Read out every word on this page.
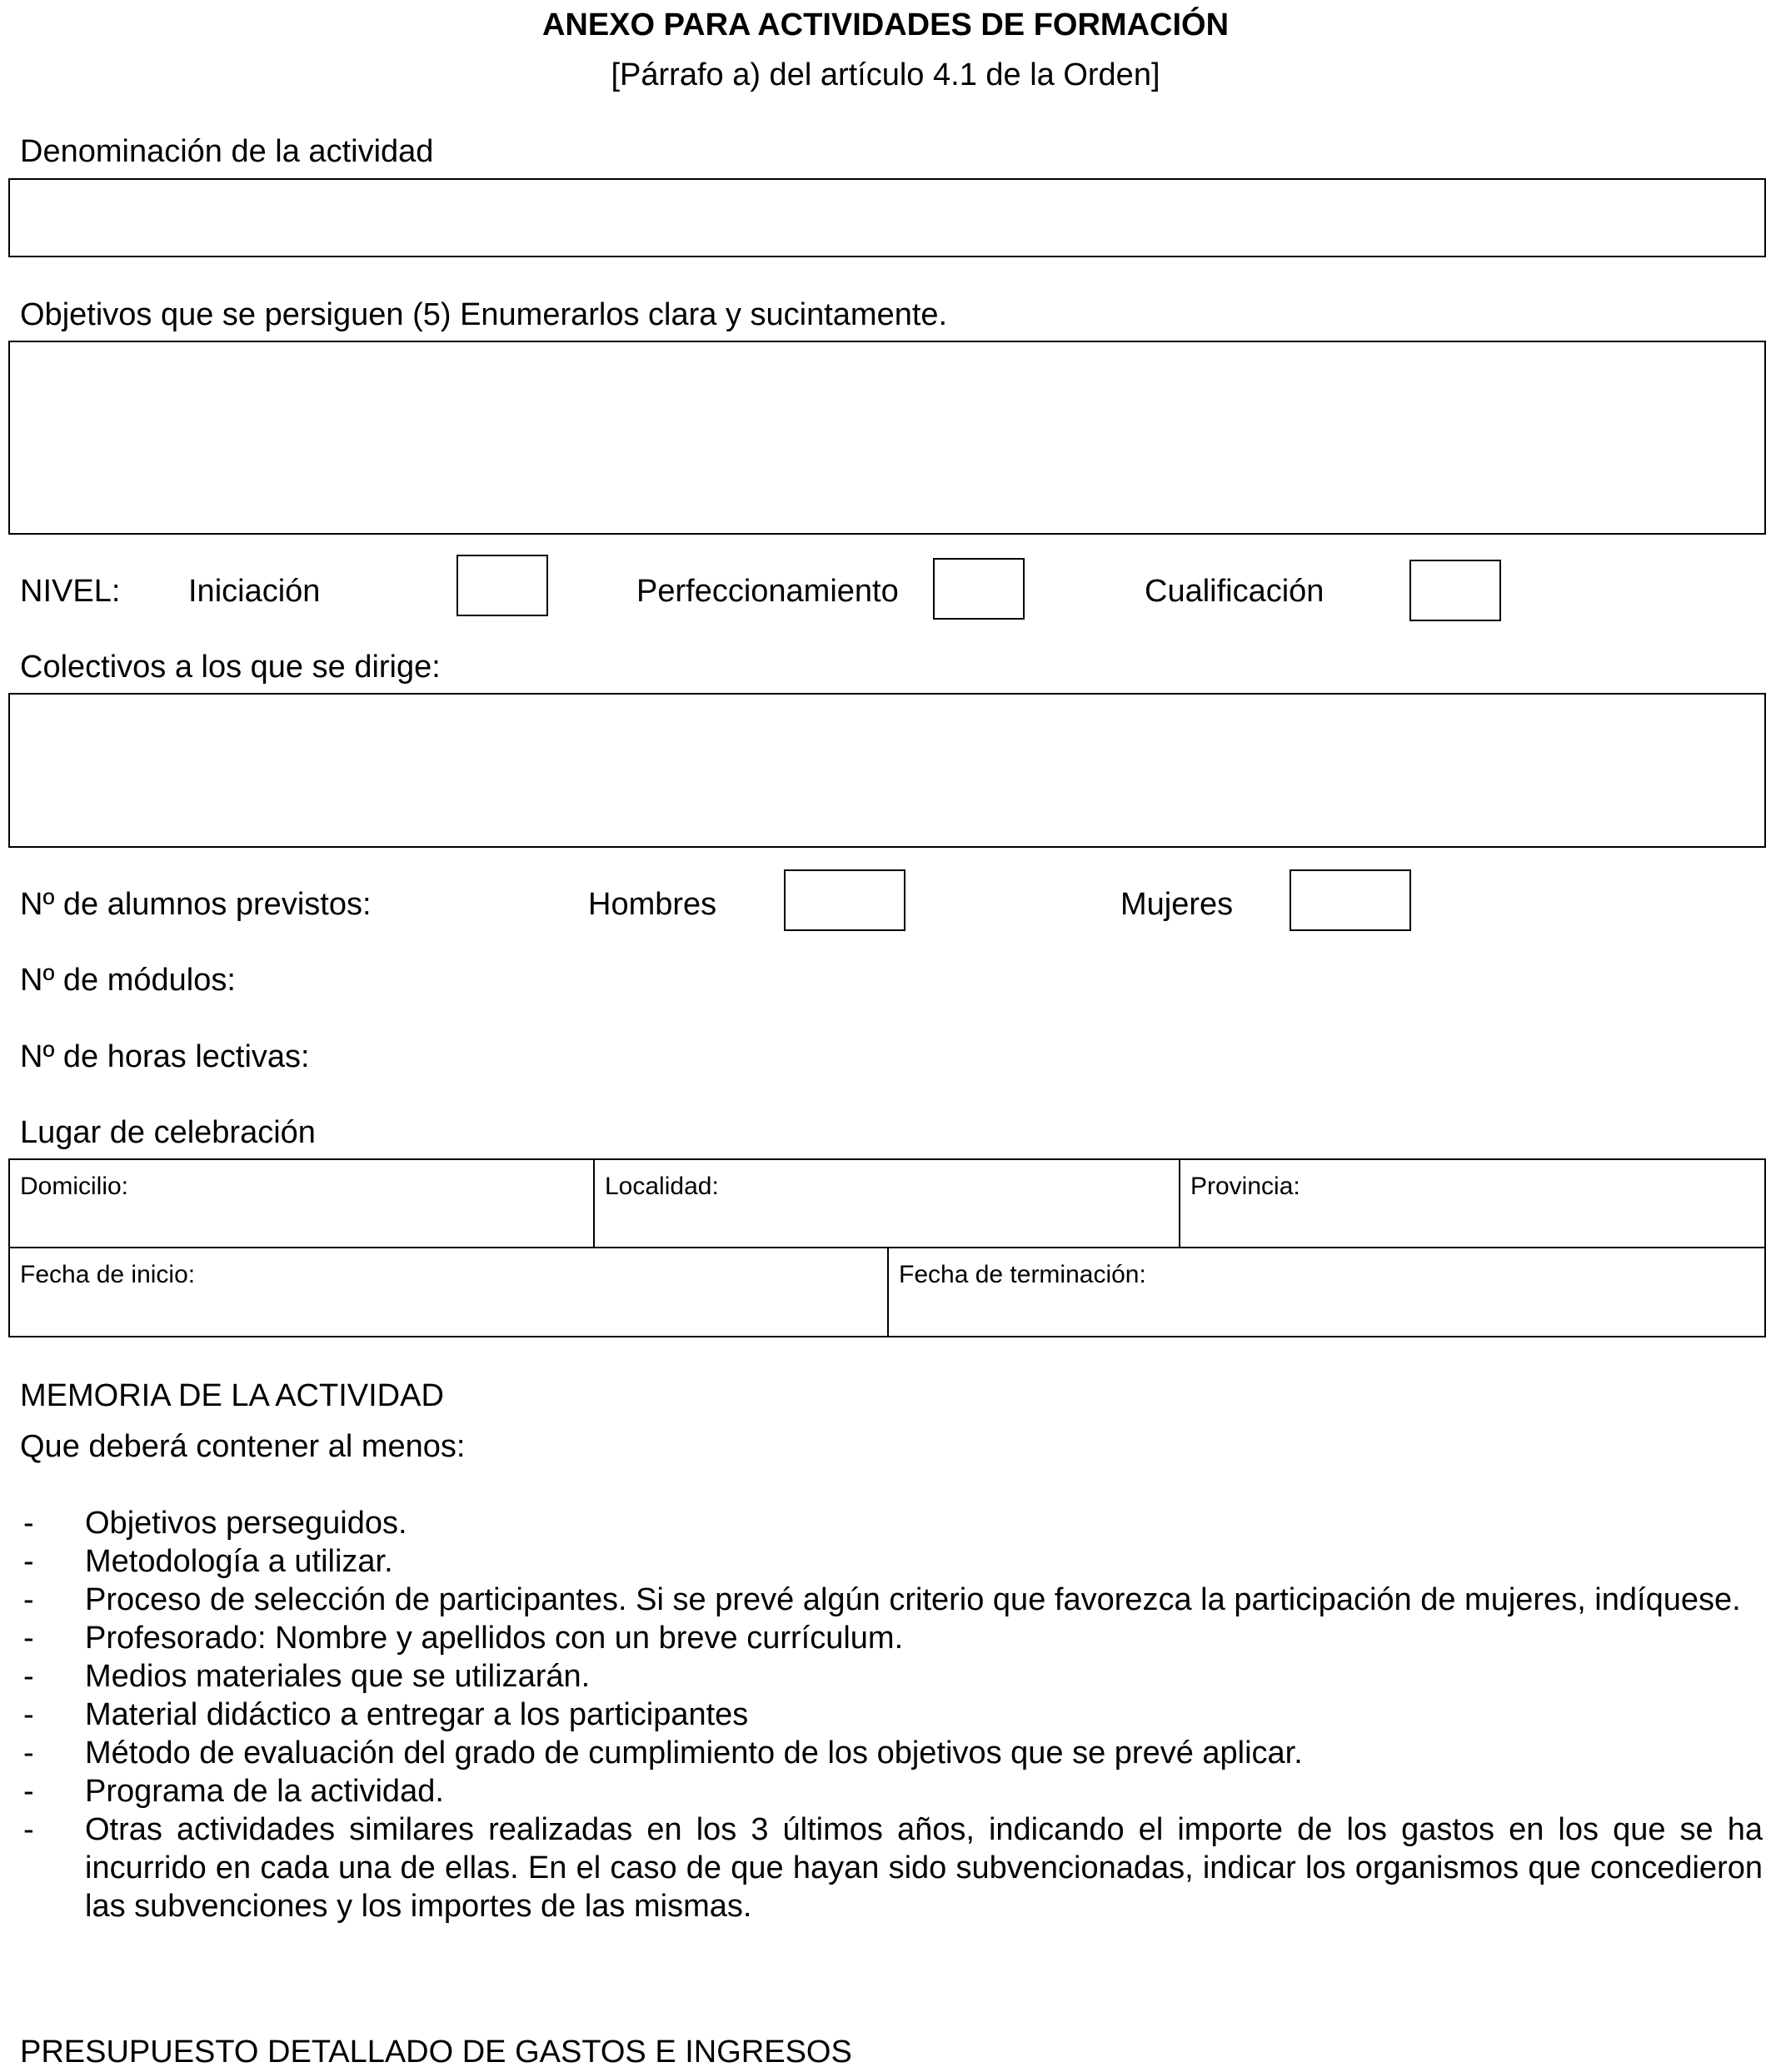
ANEXO PARA ACTIVIDADES DE FORMACIÓN
[Párrafo a) del artículo 4.1 de la Orden]
Denominación de la actividad
Objetivos que se persiguen (5) Enumerarlos clara y sucintamente.
NIVEL: Iniciación	Perfeccionamiento	Cualificación
Colectivos a los que se dirige:
Nº de alumnos previstos:	Hombres	Mujeres
Nº de módulos:
Nº de horas lectivas:
Lugar de celebración
Domicilio:	Localidad:	Provincia:
Fecha de inicio:	Fecha de terminación:
MEMORIA DE LA ACTIVIDAD
Que deberá contener al menos:
- Objetivos perseguidos.
- Metodología a utilizar.
- Proceso de selección de participantes. Si se prevé algún criterio que favorezca la participación de mujeres, indíquese.
- Profesorado: Nombre y apellidos con un breve currículum.
- Medios materiales que se utilizarán.
- Material didáctico a entregar a los participantes
- Método de evaluación del grado de cumplimiento de los objetivos que se prevé aplicar.
- Programa de la actividad.
- Otras actividades similares realizadas en los 3 últimos años, indicando el importe de los gastos en los que se ha incurrido en cada una de ellas. En el caso de que hayan sido subvencionadas, indicar los organismos que concedieron las subvenciones y los importes de las mismas.
PRESUPUESTO DETALLADO DE GASTOS E INGRESOS
